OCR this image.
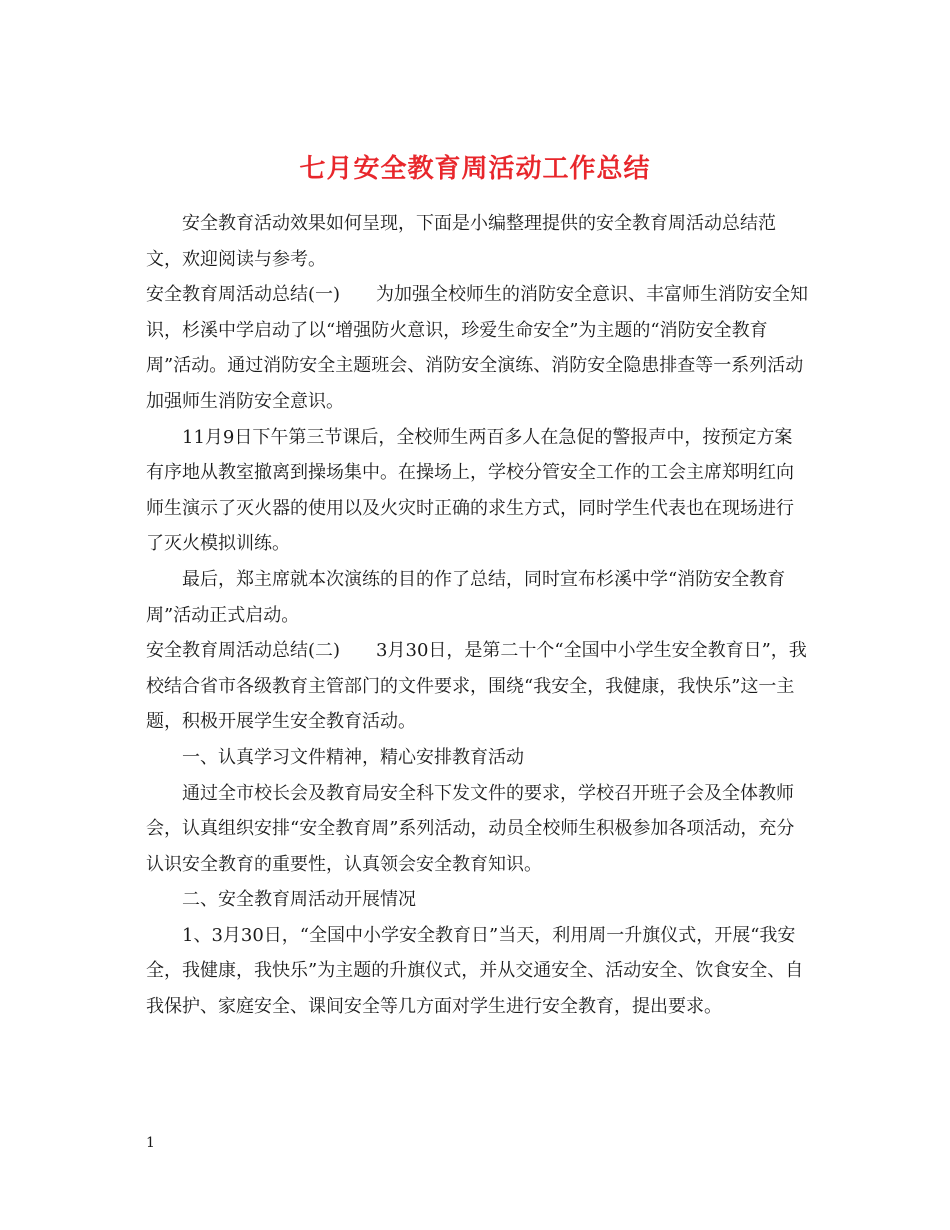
七月安全教育周活动工作总结

安全教育活动效果如何呈现，下面是小编整理提供的安全教育周活动总结范文，欢迎阅读与参考。

安全教育周活动总结(一) 为加强全校师生的消防安全意识、丰富师生消防安全知识，杉溪中学启动了以“增强防火意识，珍爱生命安全”为主题的“消防安全教育周”活动。通过消防安全主题班会、消防安全演练、消防安全隐患排查等一系列活动加强师生消防安全意识。

11月9日下午第三节课后，全校师生两百多人在急促的警报声中，按预定方案有序地从教室撤离到操场集中。在操场上，学校分管安全工作的工会主席郑明红向师生演示了灭火器的使用以及火灾时正确的求生方式，同时学生代表也在现场进行了灭火模拟训练。

最后，郑主席就本次演练的目的作了总结，同时宣布杉溪中学“消防安全教育周”活动正式启动。

安全教育周活动总结(二) 3月30日，是第二十个“全国中小学生安全教育日”，我校结合省市各级教育主管部门的文件要求，围绕“我安全，我健康，我快乐”这一主题，积极开展学生安全教育活动。

一、认真学习文件精神，精心安排教育活动

通过全市校长会及教育局安全科下发文件的要求，学校召开班子会及全体教师会，认真组织安排“安全教育周”系列活动，动员全校师生积极参加各项活动，充分认识安全教育的重要性，认真领会安全教育知识。

二、安全教育周活动开展情况

1、3月30日，“全国中小学安全教育日”当天，利用周一升旗仪式，开展“我安全，我健康，我快乐”为主题的升旗仪式，并从交通安全、活动安全、饮食安全、自我保护、家庭安全、课间安全等几方面对学生进行安全教育，提出要求。

1
